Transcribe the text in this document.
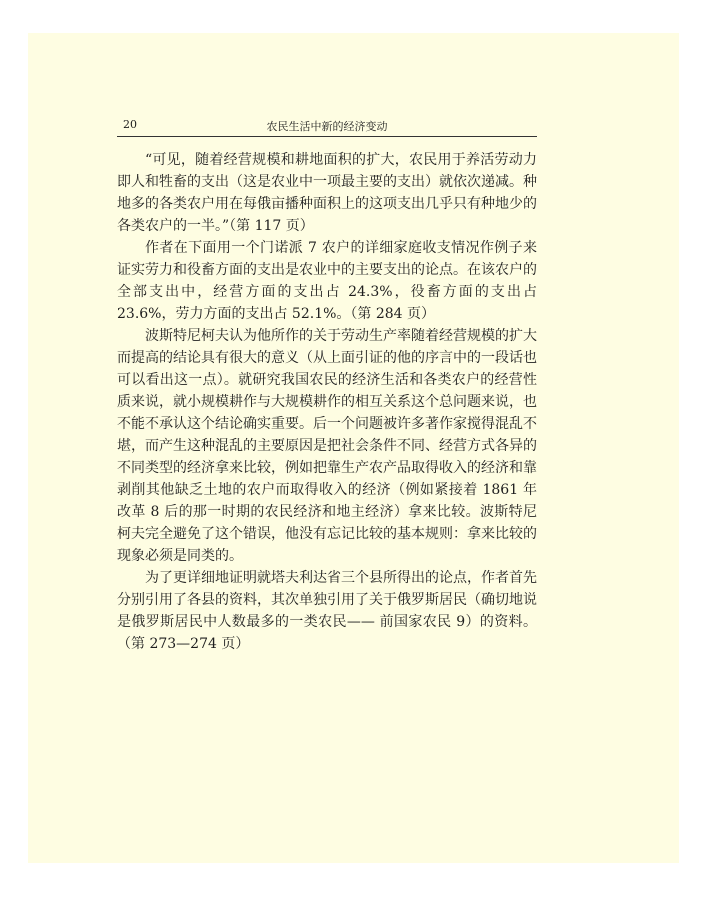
20	农民生活中新的经济变动

“可见，随着经营规模和耕地面积的扩大，农民用于养活劳动力即人和牲畜的支出（这是农业中一项最主要的支出）就依次递减。种地多的各类农户用在每俄亩播种面积上的这项支出几乎只有种地少的各类农户的一半。”（第 117 页）

作者在下面用一个门诺派 7 农户的详细家庭收支情况作例子来证实劳力和役畜方面的支出是农业中的主要支出的论点。在该农户的全部支出中，经营方面的支出占 24.3%，役畜方面的支出占 23.6%，劳力方面的支出占 52.1%。（第 284 页）

波斯特尼柯夫认为他所作的关于劳动生产率随着经营规模的扩大而提高的结论具有很大的意义（从上面引证的他的序言中的一段话也可以看出这一点）。就研究我国农民的经济生活和各类农户的经营性质来说，就小规模耕作与大规模耕作的相互关系这个总问题来说，也不能不承认这个结论确实重要。后一个问题被许多著作家搅得混乱不堪，而产生这种混乱的主要原因是把社会条件不同、经营方式各异的不同类型的经济拿来比较，例如把靠生产农产品取得收入的经济和靠剥削其他缺乏土地的农户而取得收入的经济（例如紧接着 1861 年改革 8 后的那一时期的农民经济和地主经济）拿来比较。波斯特尼柯夫完全避免了这个错误，他没有忘记比较的基本规则：拿来比较的现象必须是同类的。

为了更详细地证明就塔夫利达省三个县所得出的论点，作者首先分别引用了各县的资料，其次单独引用了关于俄罗斯居民（确切地说是俄罗斯居民中人数最多的一类农民—— 前国家农民 9）的资料。（第 273—274 页）
